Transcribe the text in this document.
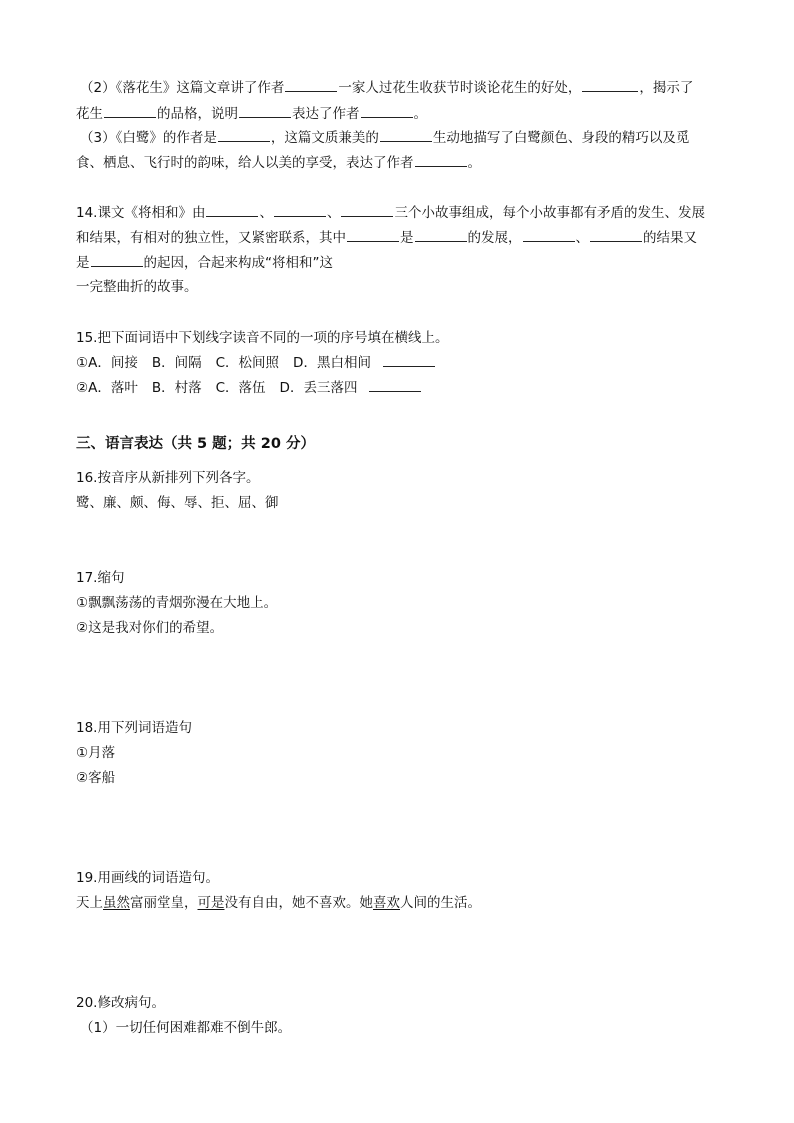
（2）《落花生》这篇文章讲了作者	一家人过花生收获节时谈论花生的好处，	，揭示了
花生	的品格，说明	表达了作者	。
（3）《白鹭》的作者是	，这篇文质兼美的	生动地描写了白鹭颜色、身段的精巧以及觅
食、栖息、飞行时的韵味，给人以美的享受，表达了作者	。
14.课文《将相和》由	、	、	三个小故事组成，每个小故事都有矛盾的发生、发展
和结果，有相对的独立性，又紧密联系，其中	是	的发展，	、	的结果又
是	的起因，合起来构成“将相和”这
一完整曲折的故事。
15.把下面词语中下划线字读音不同的一项的序号填在横线上。
①A．间接 B．间隔 C．松间照 D．黑白相间
②A．落叶 B．村落 C．落伍 D．丢三落四
三、语言表达（共 5 题；共 20 分）
16.按音序从新排列下列各字。
鹭、廉、颇、侮、辱、拒、屈、御
17.缩句
①飘飘荡荡的青烟弥漫在大地上。
②这是我对你们的希望。
18.用下列词语造句
①月落
②客船
19.用画线的词语造句。
天上虽然富丽堂皇，可是没有自由，她不喜欢。她喜欢人间的生活。
20.修改病句。
（1）一切任何困难都难不倒牛郎。
